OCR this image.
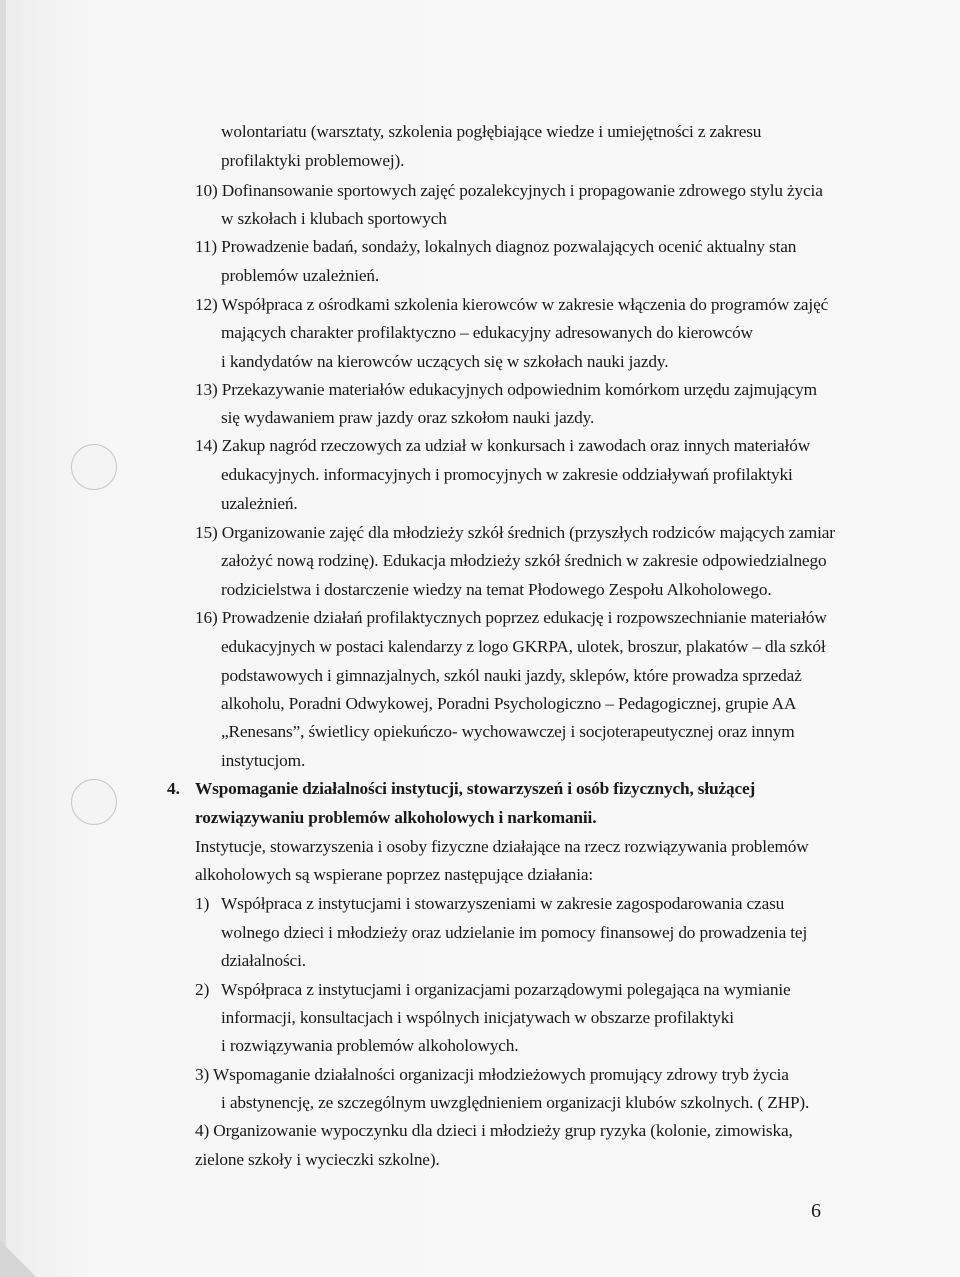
wolontariatu (warsztaty, szkolenia pogłębiające wiedze i umiejętności z zakresu
profilaktyki problemowej).
10) Dofinansowanie sportowych zajęć pozalekcyjnych i propagowanie zdrowego stylu życia
w szkołach i klubach sportowych
11) Prowadzenie badań, sondaży, lokalnych diagnoz pozwalających ocenić aktualny stan
problemów uzależnień.
12) Współpraca z ośrodkami szkolenia kierowców w zakresie włączenia do programów zajęć
mających charakter profilaktyczno – edukacyjny adresowanych do kierowców
i kandydatów na kierowców uczących się w szkołach nauki jazdy.
13) Przekazywanie materiałów edukacyjnych odpowiednim komórkom urzędu zajmującym
się wydawaniem praw jazdy oraz szkołom nauki jazdy.
14) Zakup nagród rzeczowych za udział w konkursach i zawodach oraz innych materiałów
edukacyjnych. informacyjnych i promocyjnych w zakresie oddziaływań profilaktyki
uzależnień.
15) Organizowanie zajęć dla młodzieży szkół średnich (przyszłych rodziców mających zamiar
założyć nową rodzinę). Edukacja młodzieży szkół średnich w zakresie odpowiedzialnego
rodzicielstwa i dostarczenie wiedzy na temat Płodowego Zespołu Alkoholowego.
16) Prowadzenie działań profilaktycznych poprzez edukację i rozpowszechnianie materiałów
edukacyjnych w postaci kalendarzy z logo GKRPA, ulotek, broszur, plakatów – dla szkół
podstawowych i gimnazjalnych, szkól nauki jazdy, sklepów, które prowadza sprzedaż
alkoholu, Poradni Odwykowej, Poradni Psychologiczno – Pedagogicznej, grupie AA
„Renesans”, świetlicy opiekuńczo- wychowawczej i socjoterapeutycznej oraz innym
instytucjom.
4. Wspomaganie działalności instytucji, stowarzyszeń i osób fizycznych, służącej
rozwiązywaniu problemów alkoholowych i narkomanii.
Instytucje, stowarzyszenia i osoby fizyczne działające na rzecz rozwiązywania problemów
alkoholowych są wspierane poprzez następujące działania:
1) Współpraca z instytucjami i stowarzyszeniami w zakresie zagospodarowania czasu
wolnego dzieci i młodzieży oraz udzielanie im pomocy finansowej do prowadzenia tej
działalności.
2) Współpraca z instytucjami i organizacjami pozarządowymi polegająca na wymianie
informacji, konsultacjach i wspólnych inicjatywach w obszarze profilaktyki
i rozwiązywania problemów alkoholowych.
3) Wspomaganie działalności organizacji młodzieżowych promujący zdrowy tryb życia
i abstynencję, ze szczególnym uwzględnieniem organizacji klubów szkolnych. ( ZHP).
4) Organizowanie wypoczynku dla dzieci i młodzieży grup ryzyka (kolonie, zimowiska,
zielone szkoły i wycieczki szkolne).
6
